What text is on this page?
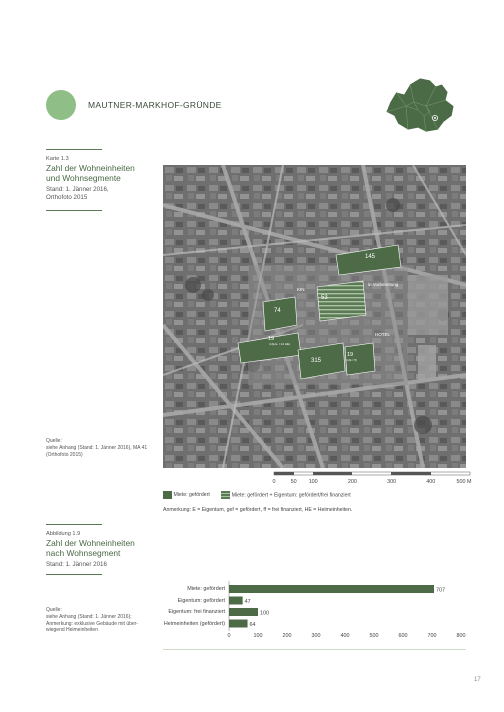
MAUTNER-MARKHOF-GRÜNDE
Karte 1.3
Zahl der Wohneinheiten
und Wohnsegmente
Stand: 1. Jänner 2016,
Orthofoto 2015
Quelle:
siehe Anhang (Stand: 1. Jänner 2016), MA 41
(Orthofoto 2015)
145
74
53
19
4 (E.E. / 14 HE)
315
19
4 (E / ff)
in Vorbereitung
HOTEL
KIN
0	50 100	200	300	400	500 M
Miete: gefördert	Miete: gefördert + Eigentum: gefördert/frei finanziert
Anmerkung: E = Eigentum, gef = gefördert, ff = frei finanziert, HE = Heimeinheiten.
Abbildung 1.9
Zahl der Wohneinheiten
nach Wohnsegment
Stand: 1. Jänner 2016
Quelle:
siehe Anhang (Stand: 1. Jänner 2016);
Anmerkung: exklusive Gebäude mit über-
wiegend Heimeinheiten
Miete: gefördert
Eigentum: gefördert
Eigentum: frei finanziert
Heimeinheiten (gefördert)
707
47
100
64
0	100	200	300	400	500	600	700	800
17
